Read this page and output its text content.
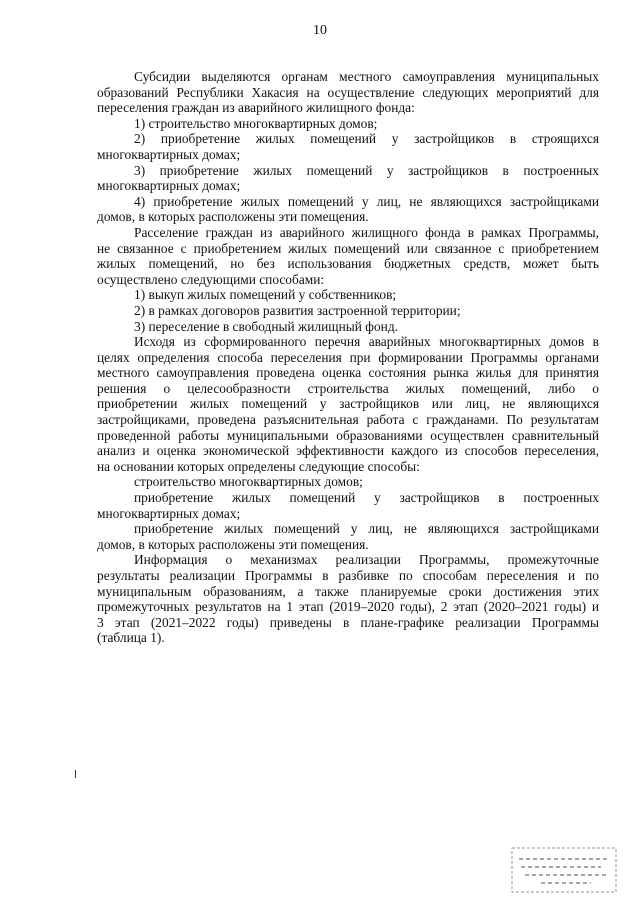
10
Субсидии выделяются органам местного самоуправления муниципальных
образований Республики Хакасия на осуществление следующих мероприятий для
переселения граждан из аварийного жилищного фонда:
1) строительство многоквартирных домов;
2) приобретение жилых помещений у застройщиков в строящихся
многоквартирных домах;
3) приобретение жилых помещений у застройщиков в построенных
многоквартирных домах;
4) приобретение жилых помещений у лиц, не являющихся застройщиками
домов, в которых расположены эти помещения.
Расселение граждан из аварийного жилищного фонда в рамках Программы,
не связанное с приобретением жилых помещений или связанное с приобретением
жилых помещений, но без использования бюджетных средств, может быть
осуществлено следующими способами:
1) выкуп жилых помещений у собственников;
2) в рамках договоров развития застроенной территории;
3) переселение в свободный жилищный фонд.
Исходя из сформированного перечня аварийных многоквартирных домов в
целях определения способа переселения при формировании Программы органами
местного самоуправления проведена оценка состояния рынка жилья для принятия
решения о целесообразности строительства жилых помещений, либо о
приобретении жилых помещений у застройщиков или лиц, не являющихся
застройщиками, проведена разъяснительная работа с гражданами. По результатам
проведенной работы муниципальными образованиями осуществлен сравнительный
анализ и оценка экономической эффективности каждого из способов переселения,
на основании которых определены следующие способы:
строительство многоквартирных домов;
приобретение жилых помещений у застройщиков в построенных
многоквартирных домах;
приобретение жилых помещений у лиц, не являющихся застройщиками
домов, в которых расположены эти помещения.
Информация о механизмах реализации Программы, промежуточные
результаты реализации Программы в разбивке по способам переселения и по
муниципальным образованиям, а также планируемые сроки достижения этих
промежуточных результатов на 1 этап (2019–2020 годы), 2 этап (2020–2021 годы) и
3 этап (2021–2022 годы) приведены в плане-графике реализации Программы
(таблица 1).
